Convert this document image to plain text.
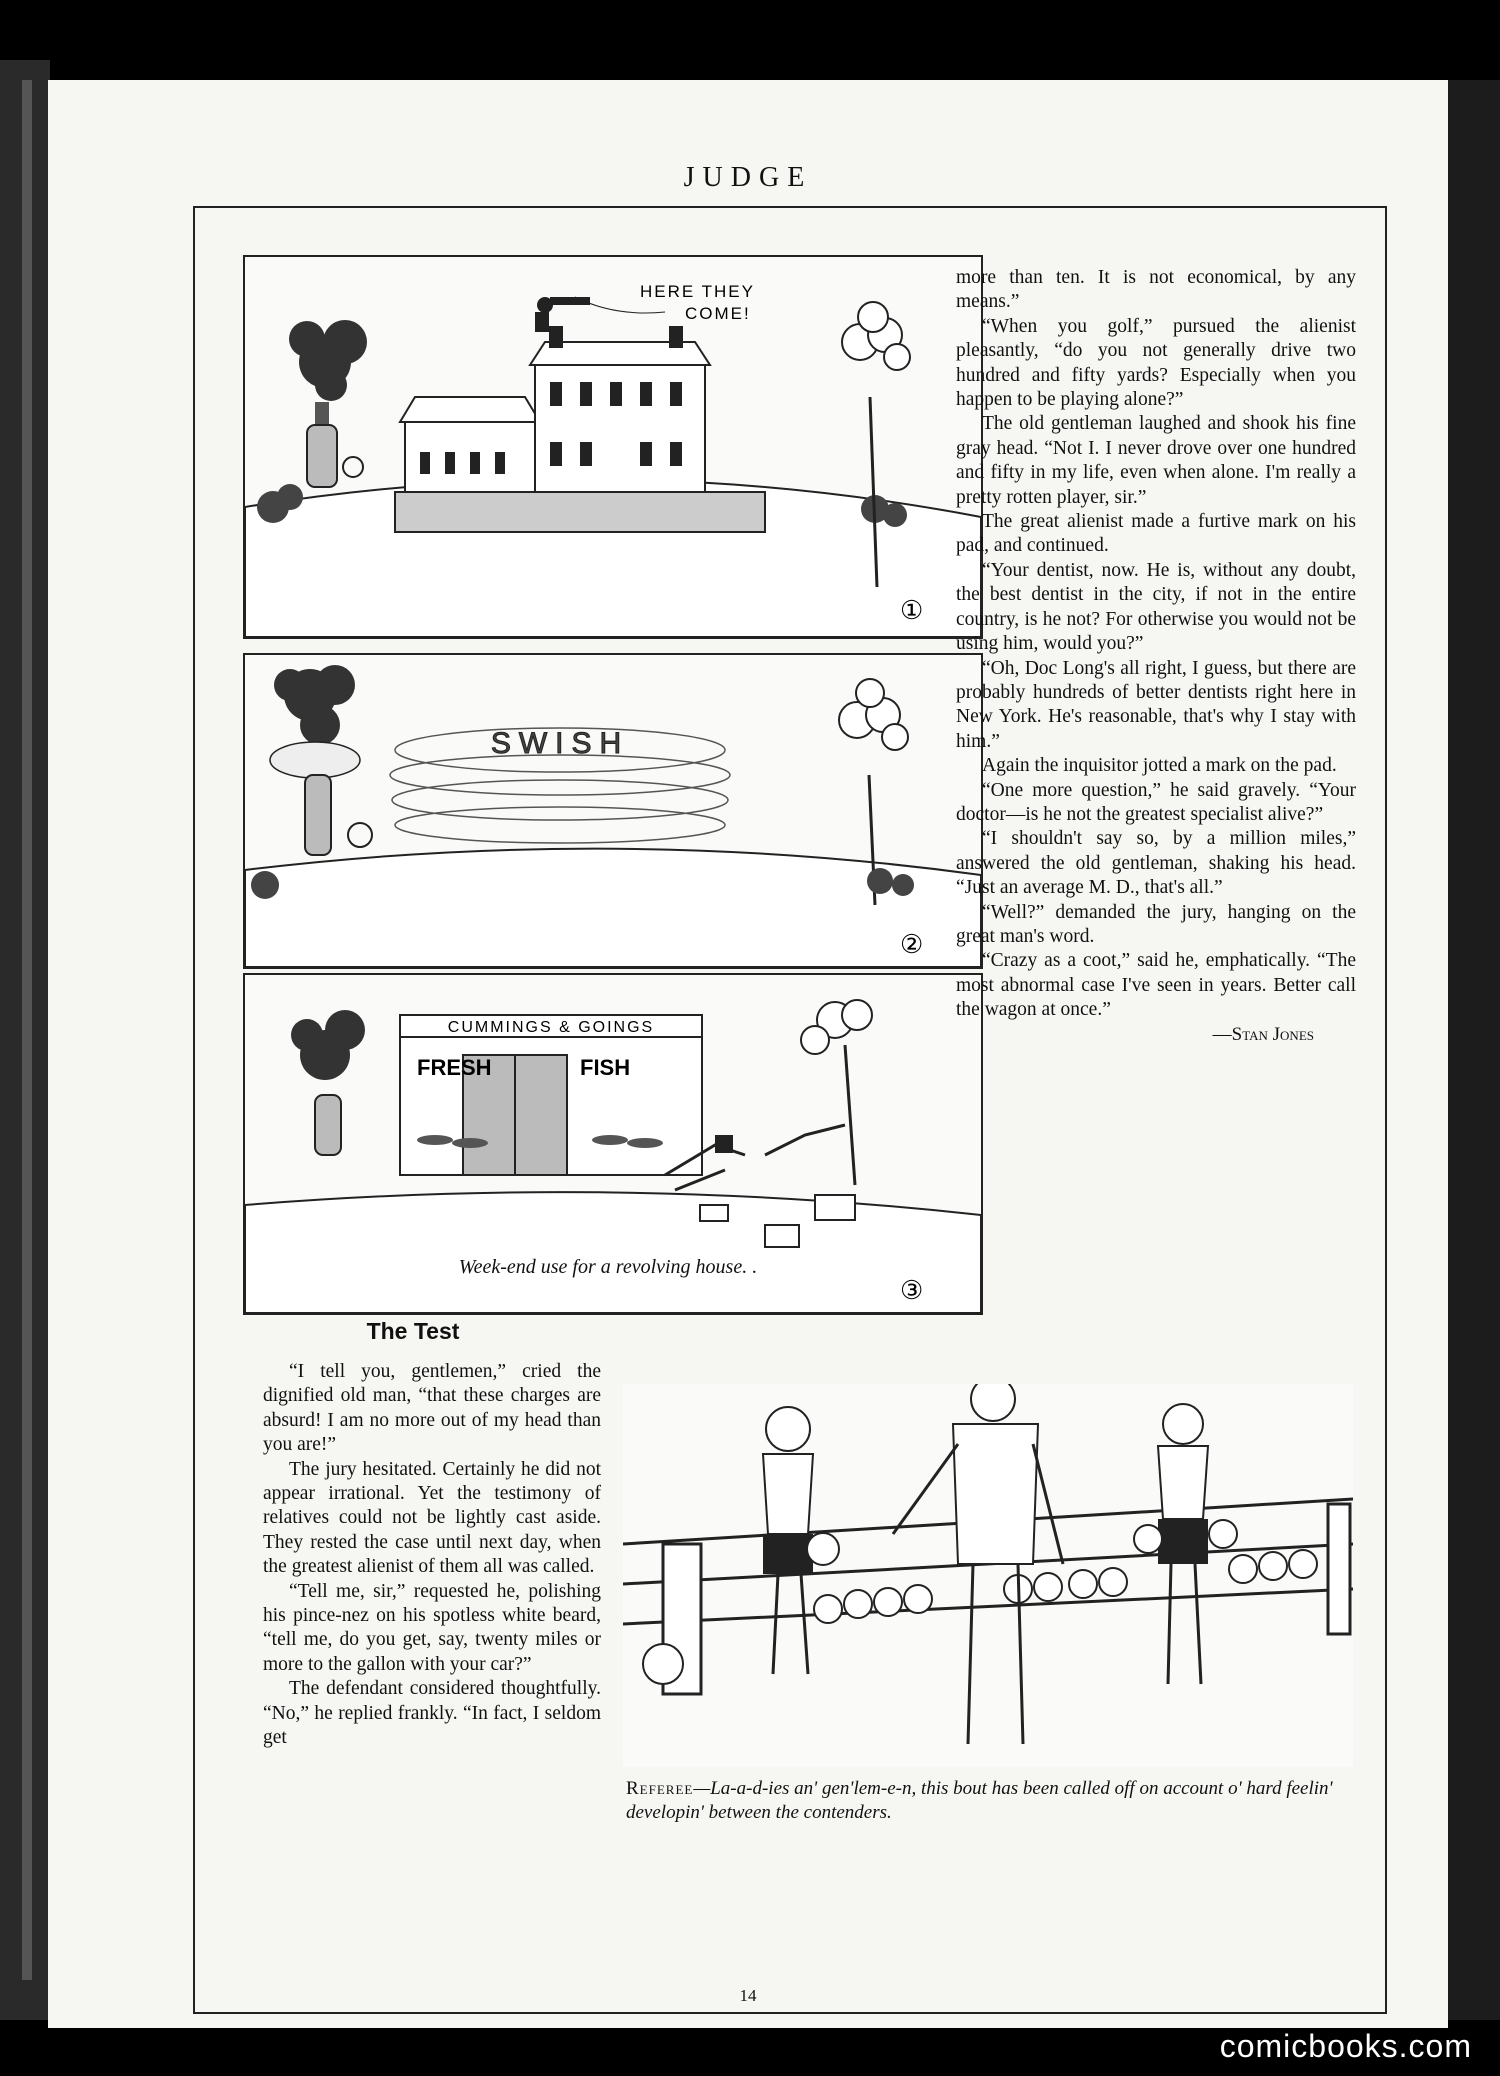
JUDGE
HERE THEY
COME!
①
SWISH
②
CUMMINGS & GOINGS
FRESH	FISH
③
Week-end use for a revolving house. .

more than ten. It is not economical, by any means.”

“When you golf,” pursued the alienist pleasantly, “do you not generally drive two hundred and fifty yards? Especially when you happen to be playing alone?”

The old gentleman laughed and shook his fine gray head. “Not I. I never drove over one hundred and fifty in my life, even when alone. I'm really a pretty rotten player, sir.”

The great alienist made a furtive mark on his pad, and continued.

“Your dentist, now. He is, without any doubt, the best dentist in the city, if not in the entire country, is he not? For otherwise you would not be using him, would you?”

“Oh, Doc Long's all right, I guess, but there are probably hundreds of better dentists right here in New York. He's reasonable, that's why I stay with him.”

Again the inquisitor jotted a mark on the pad.

“One more question,” he said gravely. “Your doctor—is he not the greatest specialist alive?”

“I shouldn't say so, by a million miles,” answered the old gentleman, shaking his head. “Just an average M. D., that's all.”

“Well?” demanded the jury, hanging on the great man's word.

“Crazy as a coot,” said he, emphatically. “The most abnormal case I've seen in years. Better call the wagon at once.”

—Stan Jones
The Test

“I tell you, gentlemen,” cried the dignified old man, “that these charges are absurd! I am no more out of my head than you are!”

The jury hesitated. Certainly he did not appear irrational. Yet the testimony of relatives could not be lightly cast aside. They rested the case until next day, when the greatest alienist of them all was called.

“Tell me, sir,” requested he, polishing his pince-nez on his spotless white beard, “tell me, do you get, say, twenty miles or more to the gallon with your car?”

The defendant considered thoughtfully. “No,” he replied frankly. “In fact, I seldom get

Referee—La-a-d-ies an' gen'lem-e-n, this bout has been called off on account o' hard feelin' developin' between the contenders.
14
comicbooks.com
